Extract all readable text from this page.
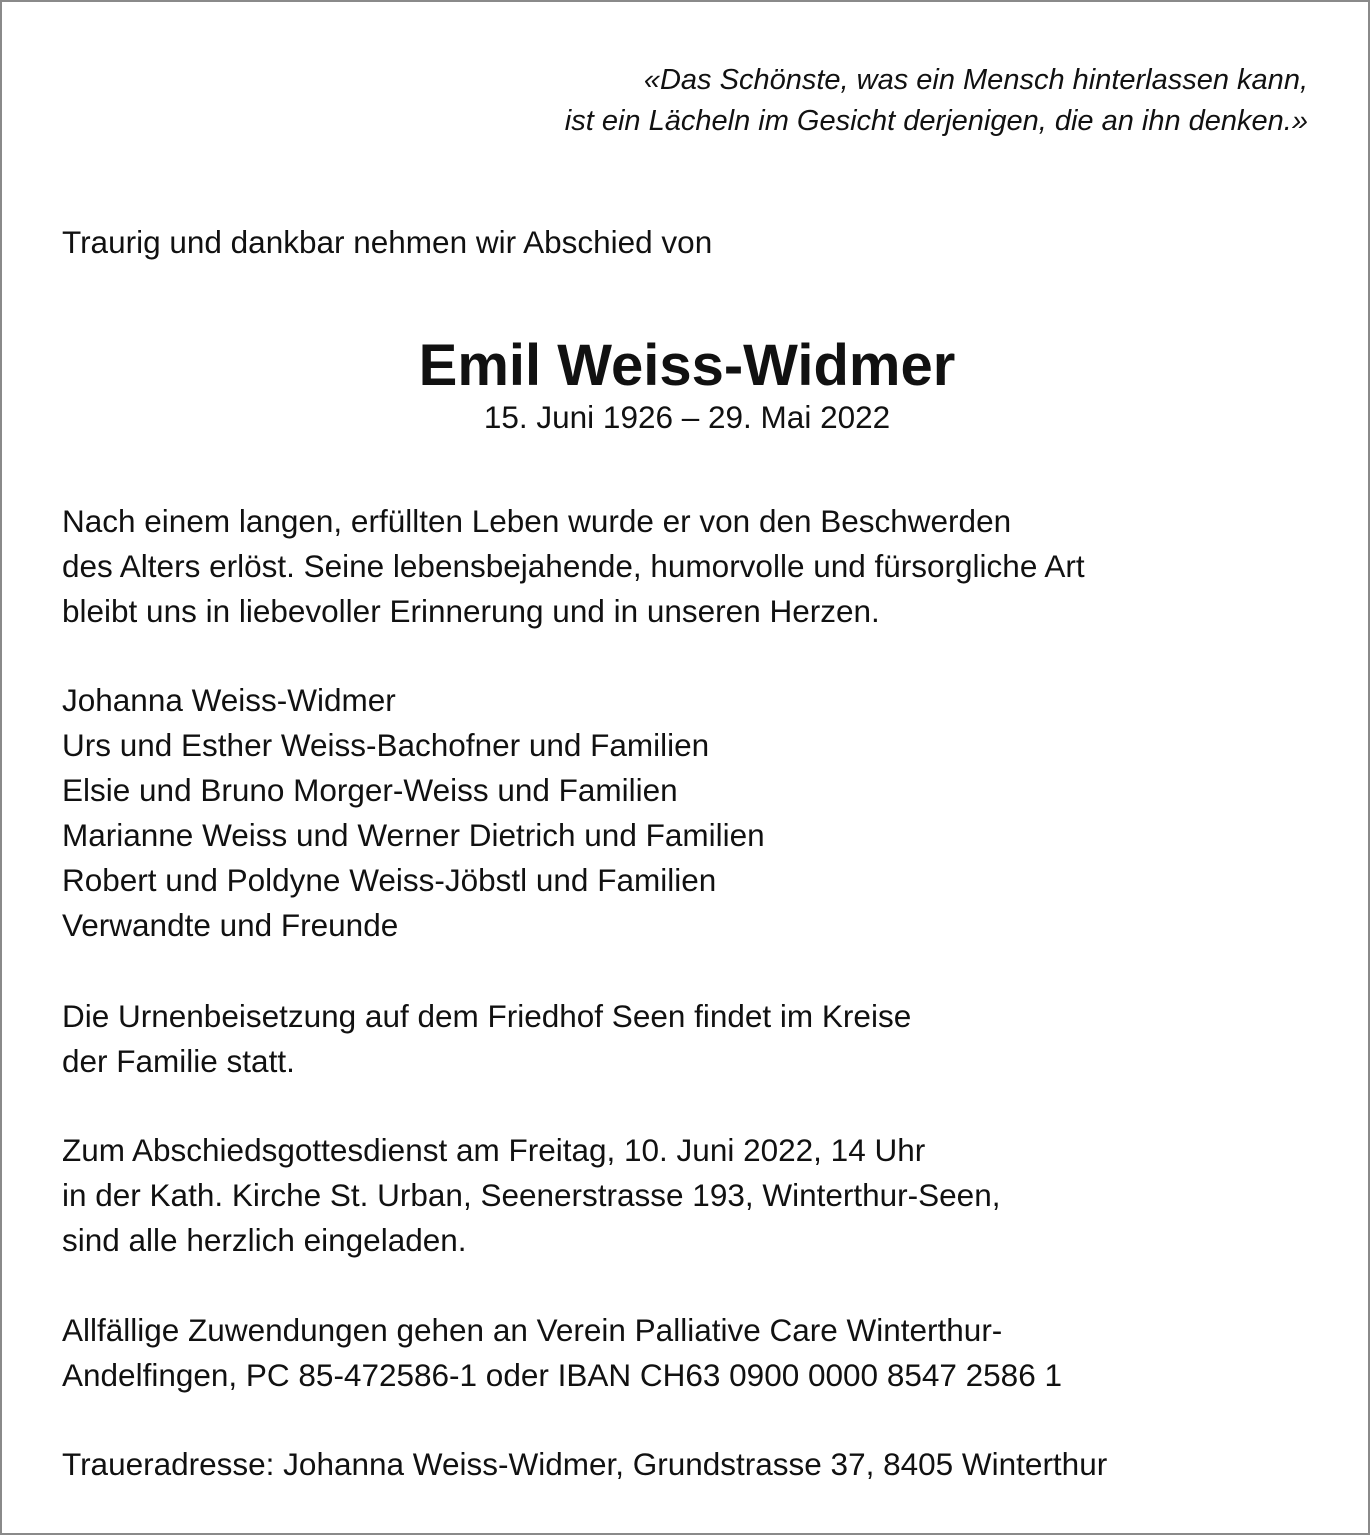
«Das Schönste, was ein Mensch hinterlassen kann,
ist ein Lächeln im Gesicht derjenigen, die an ihn denken.»
Traurig und dankbar nehmen wir Abschied von
Emil Weiss-Widmer
15. Juni 1926 – 29. Mai 2022
Nach einem langen, erfüllten Leben wurde er von den Beschwerden
des Alters erlöst. Seine lebensbejahende, humorvolle und fürsorgliche Art
bleibt uns in liebevoller Erinnerung und in unseren Herzen.
Johanna Weiss-Widmer
Urs und Esther Weiss-Bachofner und Familien
Elsie und Bruno Morger-Weiss und Familien
Marianne Weiss und Werner Dietrich und Familien
Robert und Poldyne Weiss-Jöbstl und Familien
Verwandte und Freunde
Die Urnenbeisetzung auf dem Friedhof Seen findet im Kreise
der Familie statt.
Zum Abschiedsgottesdienst am Freitag, 10. Juni 2022, 14 Uhr
in der Kath. Kirche St. Urban, Seenerstrasse 193, Winterthur-Seen,
sind alle herzlich eingeladen.
Allfällige Zuwendungen gehen an Verein Palliative Care Winterthur-
Andelfingen, PC 85-472586-1 oder IBAN CH63 0900 0000 8547 2586 1
Traueradresse: Johanna Weiss-Widmer, Grundstrasse 37, 8405 Winterthur
